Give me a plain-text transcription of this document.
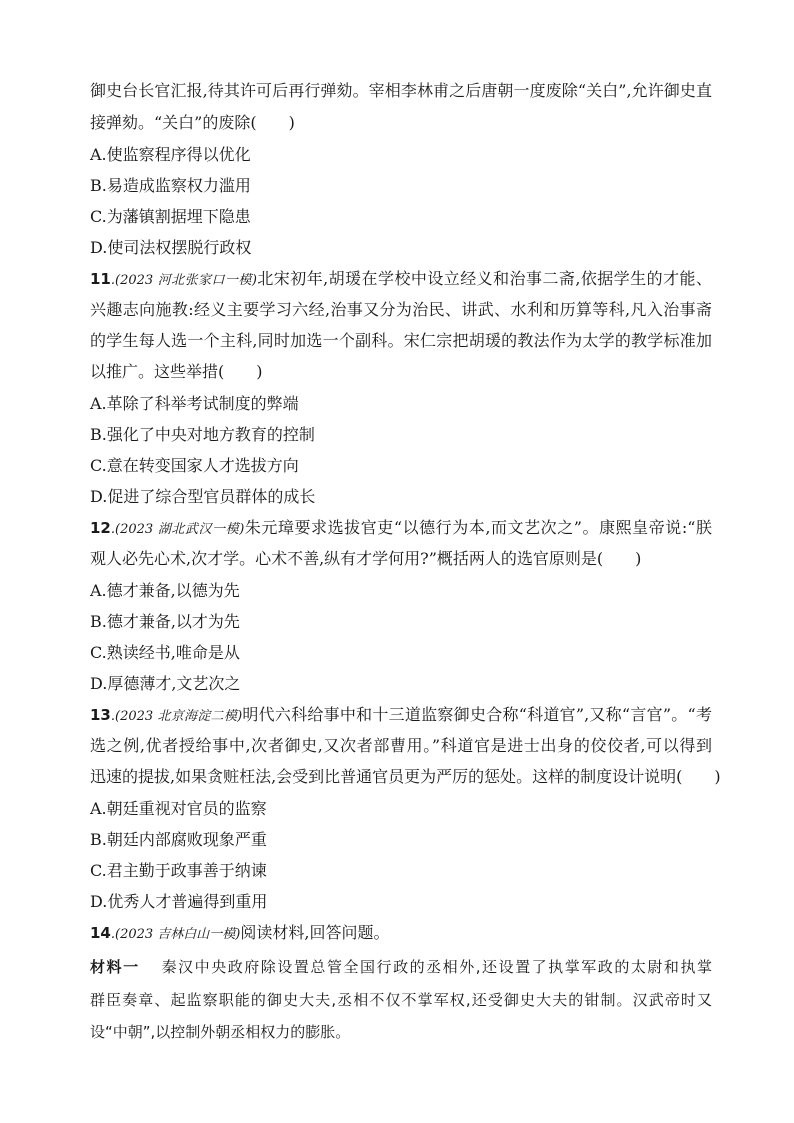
御史台长官汇报,待其许可后再行弹劾。宰相李林甫之后唐朝一度废除“关白”,允许御史直
接弹劾。“关白”的废除(　　)
A.使监察程序得以优化
B.易造成监察权力滥用
C.为藩镇割据埋下隐患
D.使司法权摆脱行政权
11.(2023 河北张家口一模)北宋初年,胡瑗在学校中设立经义和治事二斋,依据学生的才能、
兴趣志向施教:经义主要学习六经,治事又分为治民、讲武、水利和历算等科,凡入治事斋
的学生每人选一个主科,同时加选一个副科。宋仁宗把胡瑗的教法作为太学的教学标准加
以推广。这些举措(　　)
A.革除了科举考试制度的弊端
B.强化了中央对地方教育的控制
C.意在转变国家人才选拔方向
D.促进了综合型官员群体的成长
12.(2023 湖北武汉一模)朱元璋要求选拔官吏“以德行为本,而文艺次之”。康熙皇帝说:“朕
观人必先心术,次才学。心术不善,纵有才学何用?”概括两人的选官原则是(　　)
A.德才兼备,以德为先
B.德才兼备,以才为先
C.熟读经书,唯命是从
D.厚德薄才,文艺次之
13.(2023 北京海淀二模)明代六科给事中和十三道监察御史合称“科道官”,又称“言官”。“考
选之例,优者授给事中,次者御史,又次者部曹用。”科道官是进士出身的佼佼者,可以得到
迅速的提拔,如果贪赃枉法,会受到比普通官员更为严厉的惩处。这样的制度设计说明(　　)
A.朝廷重视对官员的监察
B.朝廷内部腐败现象严重
C.君主勤于政事善于纳谏
D.优秀人才普遍得到重用
14.(2023 吉林白山一模)阅读材料,回答问题。
材料一 秦汉中央政府除设置总管全国行政的丞相外,还设置了执掌军政的太尉和执掌
群臣奏章、起监察职能的御史大夫,丞相不仅不掌军权,还受御史大夫的钳制。汉武帝时又
设“中朝”,以控制外朝丞相权力的膨胀。
